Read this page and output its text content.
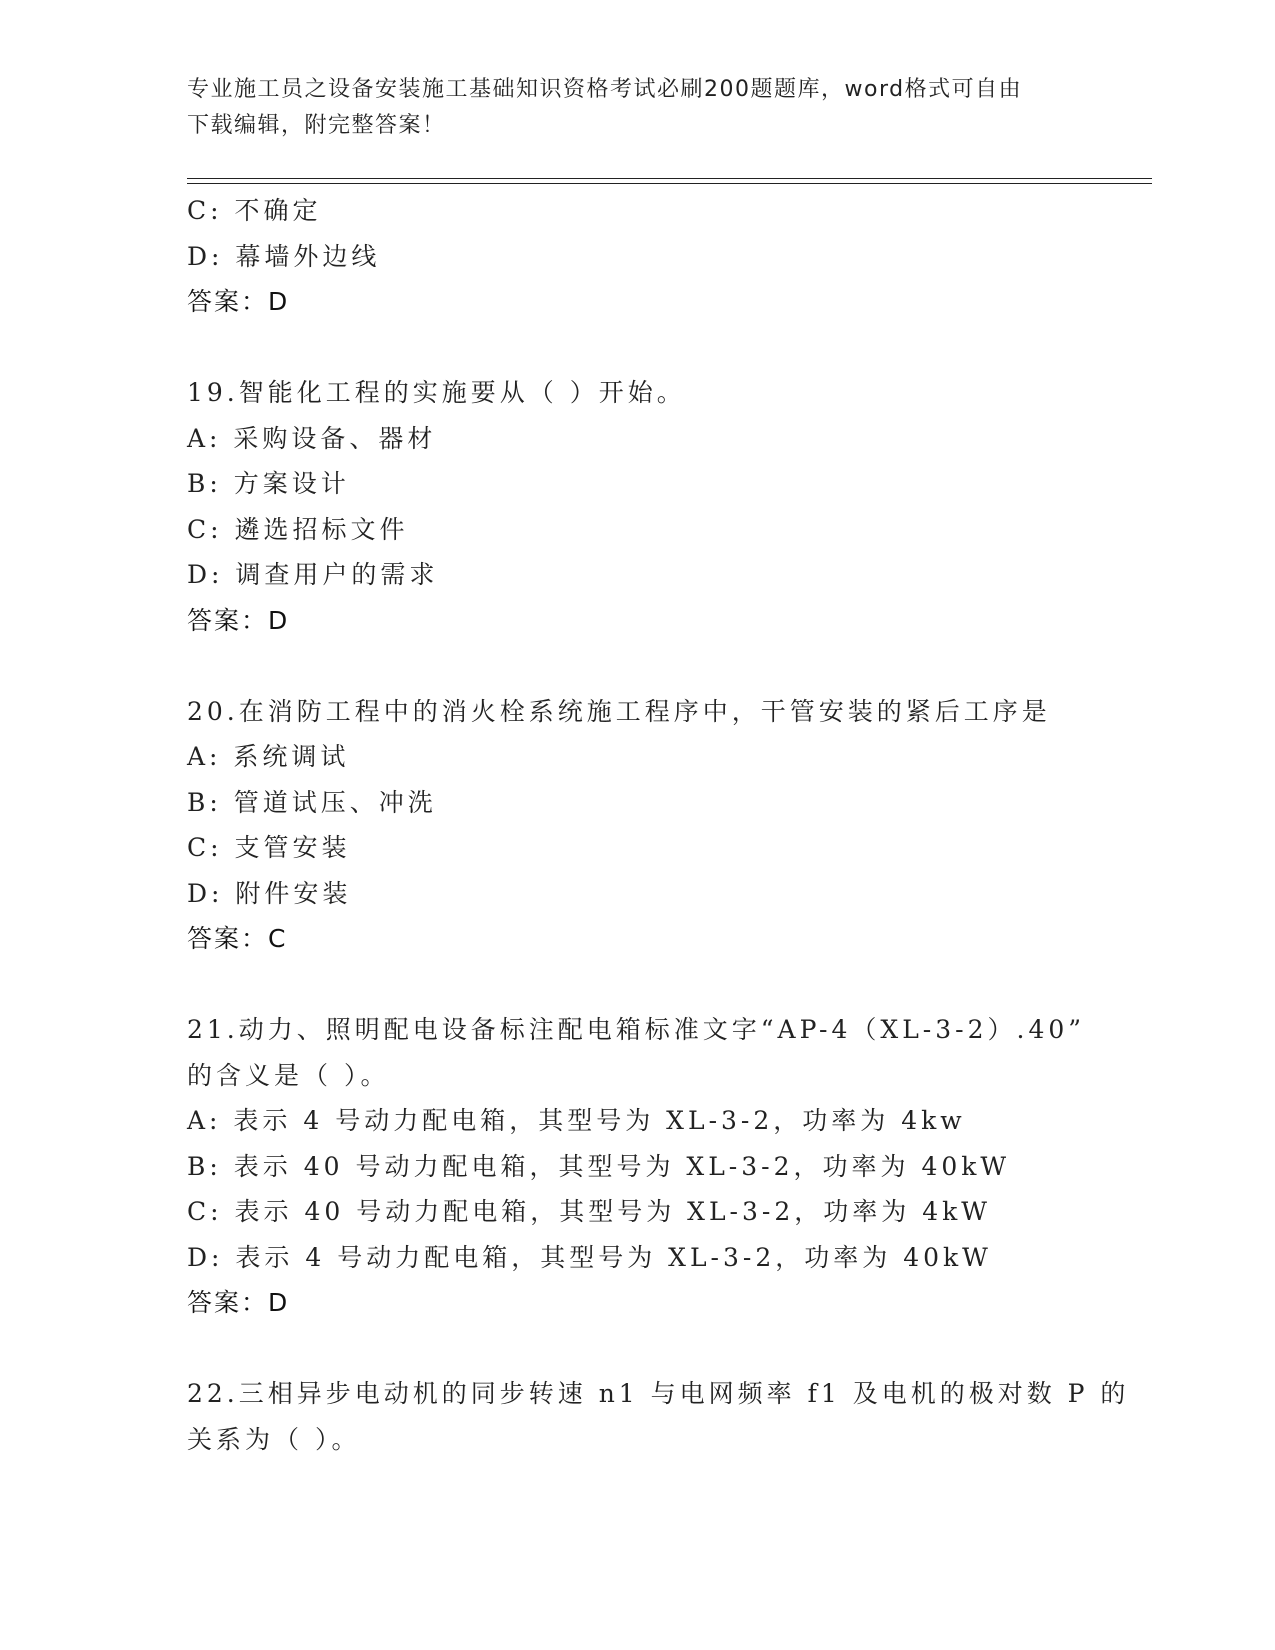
专业施工员之设备安装施工基础知识资格考试必刷200题题库，word格式可自由
下载编辑，附完整答案！
C: 不确定
D: 幕墙外边线
答案：D
19.智能化工程的实施要从（ ）开始。
A: 采购设备、器材
B: 方案设计
C: 遴选招标文件
D: 调查用户的需求
答案：D
20.在消防工程中的消火栓系统施工程序中，干管安装的紧后工序是
A: 系统调试
B: 管道试压、冲洗
C: 支管安装
D: 附件安装
答案：C
21.动力、照明配电设备标注配电箱标准文字“AP-4（XL-3-2）.40”
的含义是（ ）。
A: 表示 4 号动力配电箱，其型号为 XL-3-2，功率为 4kw
B: 表示 40 号动力配电箱，其型号为 XL-3-2，功率为 40kW
C: 表示 40 号动力配电箱，其型号为 XL-3-2，功率为 4kW
D: 表示 4 号动力配电箱，其型号为 XL-3-2，功率为 40kW
答案：D
22.三相异步电动机的同步转速 n1 与电网频率 f1 及电机的极对数 P 的
关系为（ ）。
